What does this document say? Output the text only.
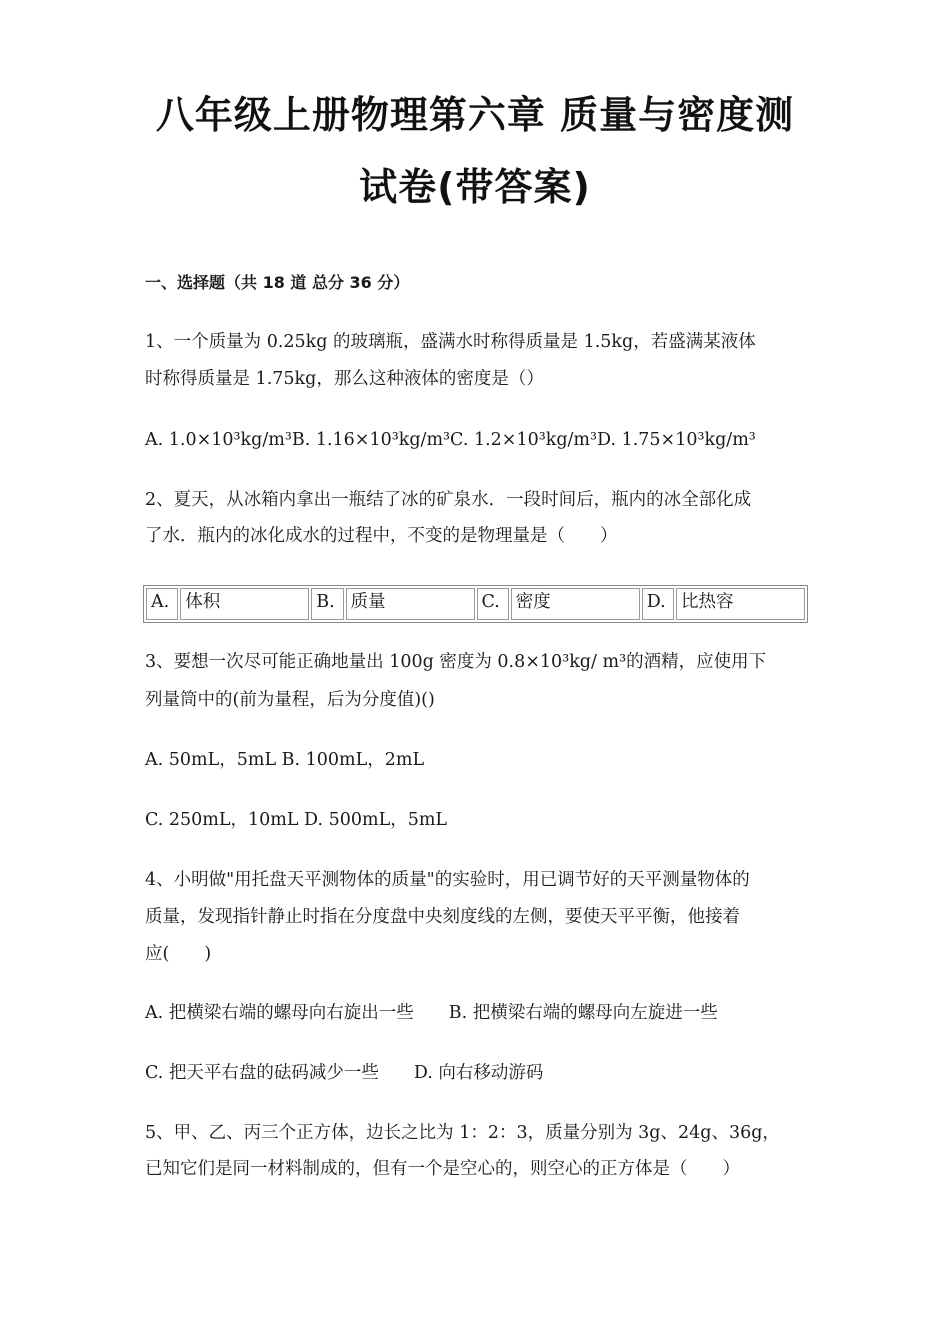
八年级上册物理第六章 质量与密度测
试卷(带答案)
一、选择题（共 18 道 总分 36 分）
1、一个质量为 0.25kg 的玻璃瓶，盛满水时称得质量是 1.5kg，若盛满某液体
时称得质量是 1.75kg，那么这种液体的密度是（）
A. 1.0×10³kg/m³B. 1.16×10³kg/m³C. 1.2×10³kg/m³D. 1.75×10³kg/m³
2、夏天，从冰箱内拿出一瓶结了冰的矿泉水．一段时间后，瓶内的冰全部化成
了水．瓶内的冰化成水的过程中，不变的是物理量是（　　）
A.	体积	B.	质量	C.	密度	D.	比热容
3、要想一次尽可能正确地量出 100g 密度为 0.8×10³kg/ m³的酒精，应使用下
列量筒中的(前为量程，后为分度值)()
A. 50mL，5mL B. 100mL，2mL
C. 250mL，10mL D. 500mL，5mL
4、小明做"用托盘天平测物体的质量"的实验时，用已调节好的天平测量物体的
质量，发现指针静止时指在分度盘中央刻度线的左侧，要使天平平衡，他接着
应(　　)
A. 把横梁右端的螺母向右旋出一些　　B. 把横梁右端的螺母向左旋进一些
C. 把天平右盘的砝码减少一些　　D. 向右移动游码
5、甲、乙、丙三个正方体，边长之比为 1：2：3，质量分别为 3g、24g、36g，
已知它们是同一材料制成的，但有一个是空心的，则空心的正方体是（　　）
